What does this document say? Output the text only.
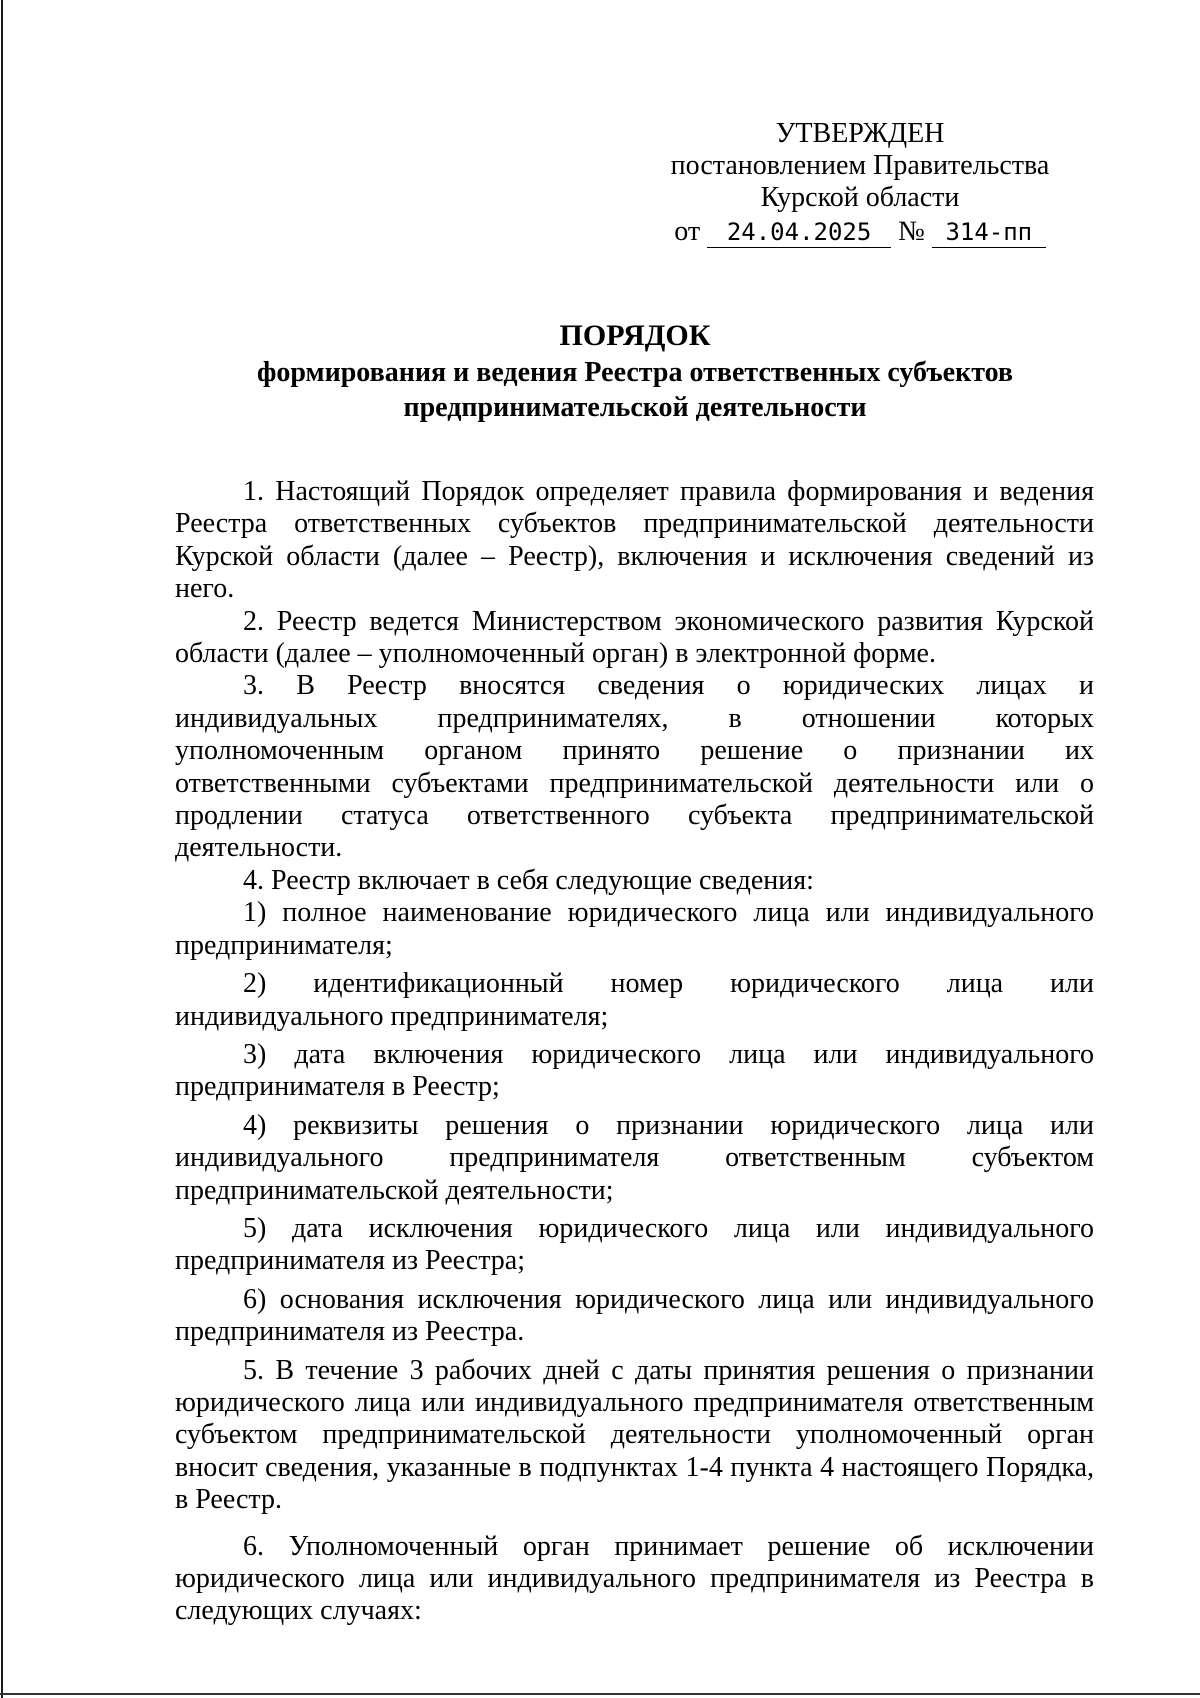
УТВЕРЖДЕН
постановлением Правительства
Курской области
от 24.04.2025 № 314-пп
ПОРЯДОК
формирования и ведения Реестра ответственных субъектов предпринимательской деятельности

1. Настоящий Порядок определяет правила формирования и ведения Реестра ответственных субъектов предпринимательской деятельности Курской области (далее – Реестр), включения и исключения сведений из него.

2. Реестр ведется Министерством экономического развития Курской области (далее – уполномоченный орган) в электронной форме.

3. В Реестр вносятся сведения о юридических лицах и индивидуальных предпринимателях, в отношении которых уполномоченным органом принято решение о признании их ответственными субъектами предпринимательской деятельности или о продлении статуса ответственного субъекта предпринимательской деятельности.

4. Реестр включает в себя следующие сведения:

1) полное наименование юридического лица или индивидуального предпринимателя;

2) идентификационный номер юридического лица или индивидуального предпринимателя;

3) дата включения юридического лица или индивидуального предпринимателя в Реестр;

4) реквизиты решения о признании юридического лица или индивидуального предпринимателя ответственным субъектом предпринимательской деятельности;

5) дата исключения юридического лица или индивидуального предпринимателя из Реестра;

6) основания исключения юридического лица или индивидуального предпринимателя из Реестра.

5. В течение 3 рабочих дней с даты принятия решения о признании юридического лица или индивидуального предпринимателя ответственным субъектом предпринимательской деятельности уполномоченный орган вносит сведения, указанные в подпунктах 1-4 пункта 4 настоящего Порядка, в Реестр.

6. Уполномоченный орган принимает решение об исключении юридического лица или индивидуального предпринимателя из Реестра в следующих случаях:
